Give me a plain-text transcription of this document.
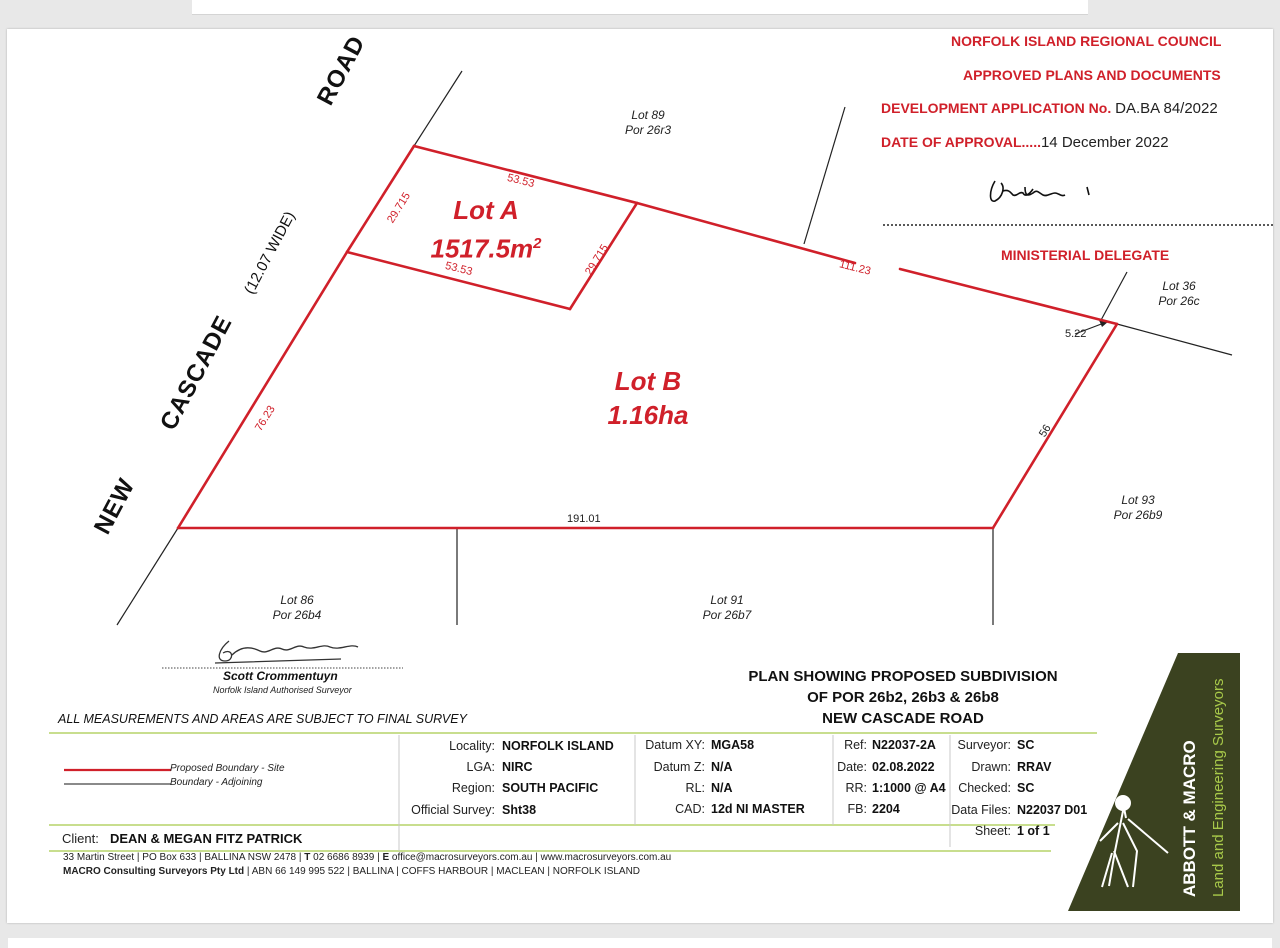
NORFOLK ISLAND REGIONAL COUNCIL
APPROVED PLANS AND DOCUMENTS
DEVELOPMENT APPLICATION No. DA.BA 84/2022
DATE OF APPROVAL.....14 December 2022
MINISTERIAL DELEGATE
ROAD
CASCADE
NEW
(12.07 WIDE)
Lot 89
Por 26r3
Lot 36
Por 26c
Lot 93
Por 26b9
Lot 86
Por 26b4
Lot 91
Por 26b7
Lot A
$1517.5m^2$
Lot B
1.16ha
53.53
53.53
29.715
29.715	111.23
76.23	56
191.01
5.22
Scott Crommentuyn
Norfolk Island Authorised Surveyor
ALL MEASUREMENTS AND AREAS ARE SUBJECT TO FINAL SURVEY
PLAN SHOWING PROPOSED SUBDIVISION
OF POR 26b2, 26b3 & 26b8
NEW CASCADE ROAD
Proposed Boundary - Site
Boundary - Adjoining
Locality: NORFOLK ISLAND
LGA: NIRC
Region: SOUTH PACIFIC
Official Survey: Sht38
Datum XY: MGA58
Datum Z: N/A
RL: N/A
CAD: 12d NI MASTER
Ref: N22037-2A
Date: 02.08.2022
RR: 1:1000 @ A4
FB: 2204
Surveyor: SC
Drawn: RRAV
Checked: SC
Data Files: N22037 D01
Sheet: 1 of 1
Client: DEAN & MEGAN FITZ PATRICK
33 Martin Street | PO Box 633 | BALLINA NSW 2478 | T 02 6686 8939 | E office@macrosurveyors.com.au | www.macrosurveyors.com.au
MACRO Consulting Surveyors Pty Ltd | ABN 66 149 995 522 | BALLINA | COFFS HARBOUR | MACLEAN | NORFOLK ISLAND	ABBOTT & MACRO Land and Engineering Surveyors
